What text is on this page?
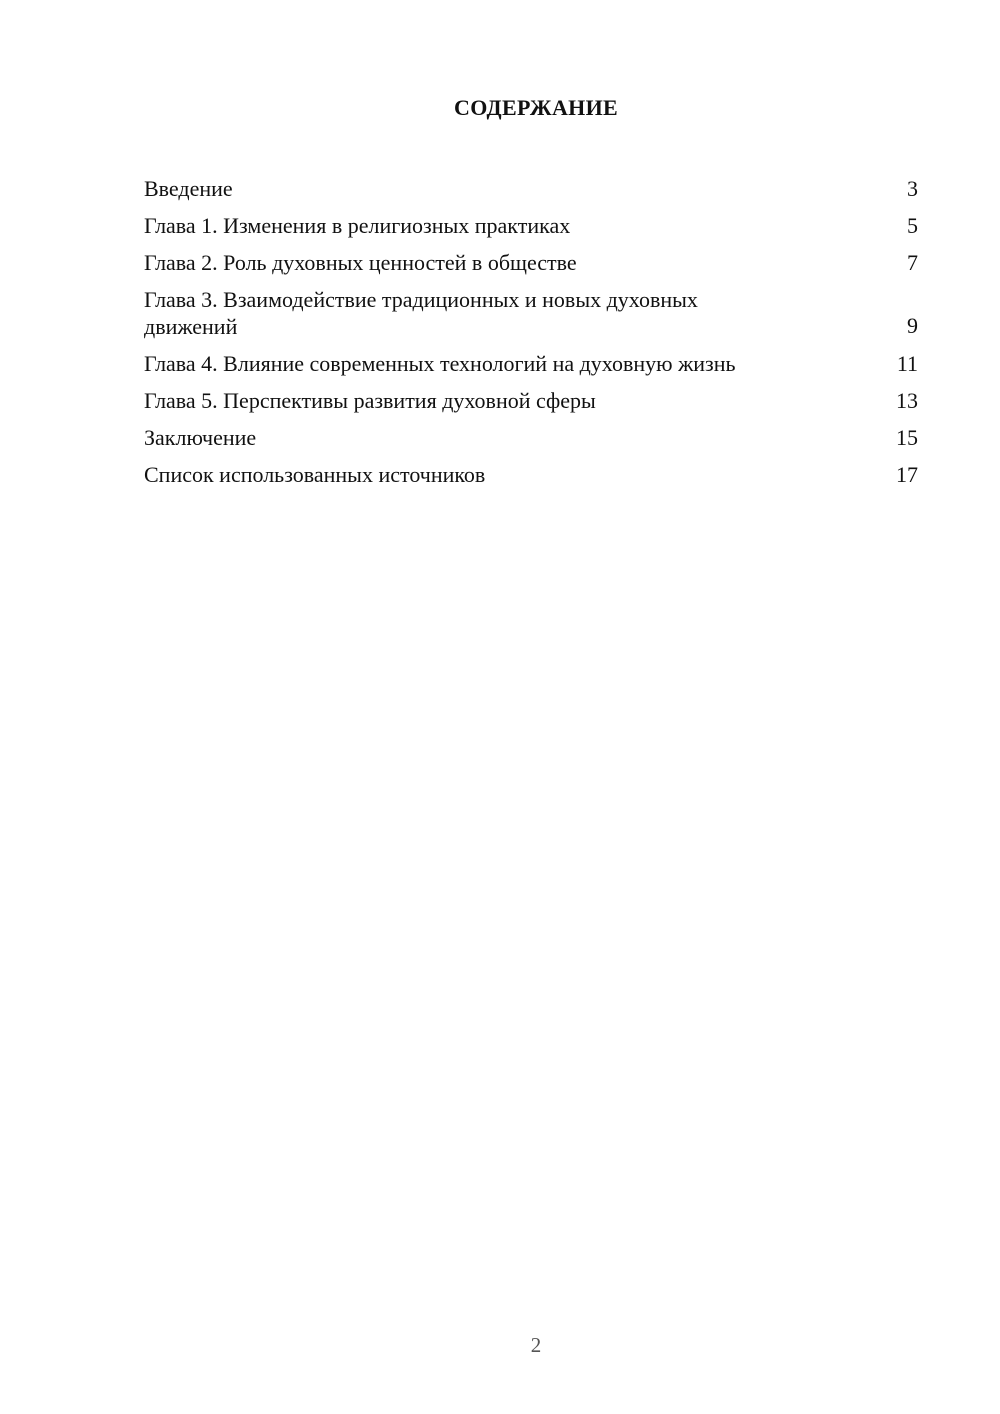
СОДЕРЖАНИЕ
Введение	3
Глава 1. Изменения в религиозных практиках	5
Глава 2. Роль духовных ценностей в обществе	7
Глава 3. Взаимодействие традиционных и новых духовных движений	9
Глава 4. Влияние современных технологий на духовную жизнь	11
Глава 5. Перспективы развития духовной сферы	13
Заключение	15
Список использованных источников	17
2
